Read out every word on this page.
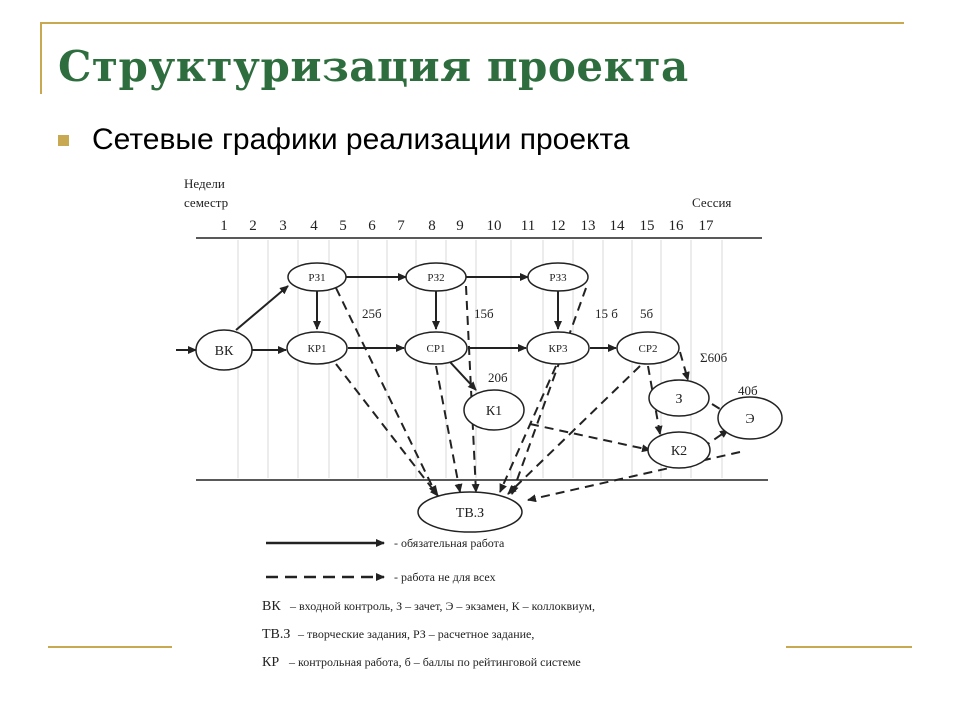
Структуризация проекта
Сетевые графики реализации проекта
Недели
семестр	Сессия
1 2 3 4 5 6 7 8 9 10 11 12 13 14 15 16 17
ВК
РЗ1	РЗ2	РЗ3
КР1	СР1	КР3	СР2
К1
З
К2
Э
ТВ.З
25б	15б	15 б 5б
20б
Σ60б
40б
- обязательная работа
- работа не для всех
ВК – входной контроль, З – зачет, Э – экзамен, К – коллоквиум,
ТВ.З – творческие задания, РЗ – расчетное задание,
КР – контрольная работа, б – баллы по рейтинговой системе
